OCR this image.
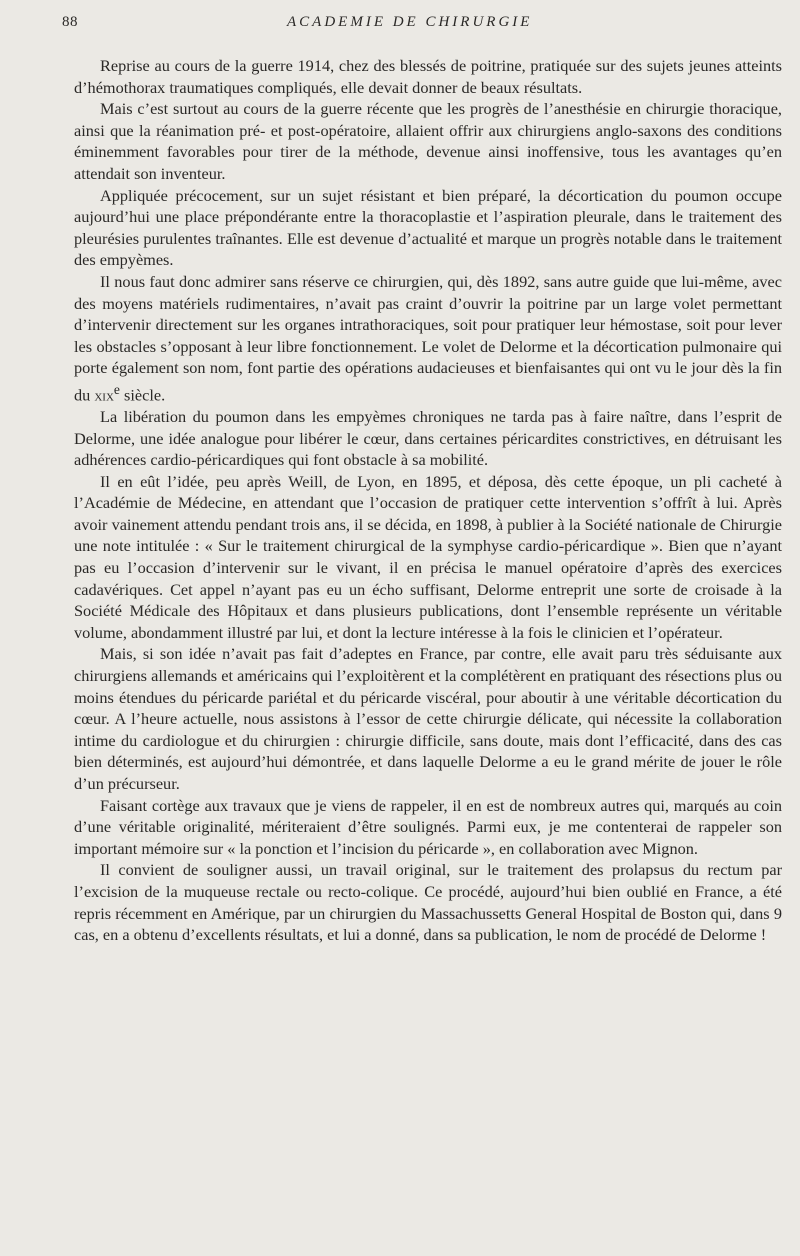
88	ACADEMIE DE CHIRURGIE

Reprise au cours de la guerre 1914, chez des blessés de poitrine, pratiquée sur des sujets jeunes atteints d’hémothorax traumatiques compliqués, elle devait donner de beaux résultats.

Mais c’est surtout au cours de la guerre récente que les progrès de l’anesthésie en chirurgie thoracique, ainsi que la réanimation pré- et post-opératoire, allaient offrir aux chirurgiens anglo-saxons des conditions éminemment favorables pour tirer de la méthode, devenue ainsi inoffensive, tous les avantages qu’en attendait son inventeur.

Appliquée précocement, sur un sujet résistant et bien préparé, la décortication du poumon occupe aujourd’hui une place prépondérante entre la thoracoplastie et l’aspiration pleurale, dans le traitement des pleurésies purulentes traînantes. Elle est devenue d’actualité et marque un progrès notable dans le traitement des empyèmes.

Il nous faut donc admirer sans réserve ce chirurgien, qui, dès 1892, sans autre guide que lui-même, avec des moyens matériels rudimentaires, n’avait pas craint d’ouvrir la poitrine par un large volet permettant d’intervenir directement sur les organes intrathoraciques, soit pour pratiquer leur hémostase, soit pour lever les obstacles s’opposant à leur libre fonctionnement. Le volet de Delorme et la décortication pulmonaire qui porte également son nom, font partie des opérations audacieuses et bienfaisantes qui ont vu le jour dès la fin du xix$^e$ siècle.

La libération du poumon dans les empyèmes chroniques ne tarda pas à faire naître, dans l’esprit de Delorme, une idée analogue pour libérer le cœur, dans certaines péricardites constrictives, en détruisant les adhérences cardio-péricardiques qui font obstacle à sa mobilité.

Il en eût l’idée, peu après Weill, de Lyon, en 1895, et déposa, dès cette époque, un pli cacheté à l’Académie de Médecine, en attendant que l’occasion de pratiquer cette intervention s’offrît à lui. Après avoir vainement attendu pendant trois ans, il se décida, en 1898, à publier à la Société nationale de Chirurgie une note intitulée : « Sur le traitement chirurgical de la symphyse cardio-péricardique ». Bien que n’ayant pas eu l’occasion d’intervenir sur le vivant, il en précisa le manuel opératoire d’après des exercices cadavériques. Cet appel n’ayant pas eu un écho suffisant, Delorme entreprit une sorte de croisade à la Société Médicale des Hôpitaux et dans plusieurs publications, dont l’ensemble représente un véritable volume, abondamment illustré par lui, et dont la lecture intéresse à la fois le clinicien et l’opérateur.

Mais, si son idée n’avait pas fait d’adeptes en France, par contre, elle avait paru très séduisante aux chirurgiens allemands et américains qui l’exploitèrent et la complétèrent en pratiquant des résections plus ou moins étendues du péricarde pariétal et du péricarde viscéral, pour aboutir à une véritable décortication du cœur. A l’heure actuelle, nous assistons à l’essor de cette chirurgie délicate, qui nécessite la collaboration intime du cardiologue et du chirurgien : chirurgie difficile, sans doute, mais dont l’efficacité, dans des cas bien déterminés, est aujourd’hui démontrée, et dans laquelle Delorme a eu le grand mérite de jouer le rôle d’un précurseur.

Faisant cortège aux travaux que je viens de rappeler, il en est de nombreux autres qui, marqués au coin d’une véritable originalité, mériteraient d’être soulignés. Parmi eux, je me contenterai de rappeler son important mémoire sur « la ponction et l’incision du péricarde », en collaboration avec Mignon.

Il convient de souligner aussi, un travail original, sur le traitement des prolapsus du rectum par l’excision de la muqueuse rectale ou recto-colique. Ce procédé, aujourd’hui bien oublié en France, a été repris récemment en Amérique, par un chirurgien du Massachussetts General Hospital de Boston qui, dans 9 cas, en a obtenu d’excellents résultats, et lui a donné, dans sa publication, le nom de procédé de Delorme !
